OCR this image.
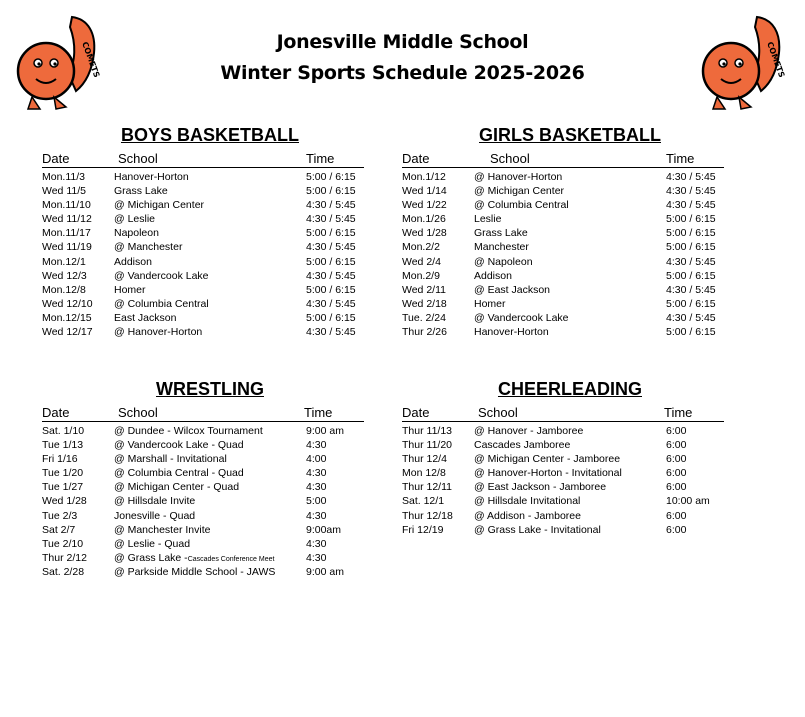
COMETS	COMETS
Jonesville Middle School
Winter Sports Schedule 2025-2026
BOYS BASKETBALL
Date	School	Time
Mon.11/3	Hanover-Horton	5:00 / 6:15
Wed 11/5	Grass Lake	5:00 / 6:15
Mon.11/10 @ Michigan Center	4:30 / 5:45
Wed 11/12 @ Leslie	4:30 / 5:45
Mon.11/17 Napoleon	5:00 / 6:15
Wed 11/19 @ Manchester	4:30 / 5:45
Mon.12/1	Addison	5:00 / 6:15
Wed 12/3	@ Vandercook Lake	4:30 / 5:45
Mon.12/8	Homer	5:00 / 6:15
Wed 12/10 @ Columbia Central	4:30 / 5:45
Mon.12/15 East Jackson	5:00 / 6:15
Wed 12/17 @ Hanover-Horton	4:30 / 5:45
GIRLS BASKETBALL
Date	School	Time
Mon.1/12	@ Hanover-Horton	4:30 / 5:45
Wed 1/14	@ Michigan Center	4:30 / 5:45
Wed 1/22	@ Columbia Central	4:30 / 5:45
Mon.1/26	Leslie	5:00 / 6:15
Wed 1/28	Grass Lake	5:00 / 6:15
Mon.2/2	Manchester	5:00 / 6:15
Wed 2/4	@ Napoleon	4:30 / 5:45
Mon.2/9	Addison	5:00 / 6:15
Wed 2/11	@ East Jackson	4:30 / 5:45
Wed 2/18	Homer	5:00 / 6:15
Tue. 2/24	@ Vandercook Lake	4:30 / 5:45
Thur 2/26	Hanover-Horton	5:00 / 6:15
WRESTLING
Date	School	Time
Sat. 1/10	@ Dundee - Wilcox Tournament	9:00 am
Tue 1/13	@ Vandercook Lake - Quad	4:30
Fri 1/16	@ Marshall - Invitational	4:00
Tue 1/20	@ Columbia Central - Quad	4:30
Tue 1/27	@ Michigan Center - Quad	4:30
Wed 1/28	@ Hillsdale Invite	5:00
Tue 2/3	Jonesville - Quad	4:30
Sat 2/7	@ Manchester Invite	9:00am
Tue 2/10	@ Leslie - Quad	4:30
Thur 2/12	@ Grass Lake -Cascades Conference Meet	4:30
Sat. 2/28	@ Parkside Middle School - JAWS	9:00 am
CHEERLEADING
Date	School	Time
Thur 11/13 @ Hanover - Jamboree	6:00
Thur 11/20 Cascades Jamboree	6:00
Thur 12/4	@ Michigan Center - Jamboree	6:00
Mon 12/8	@ Hanover-Horton - Invitational	6:00
Thur 12/11 @ East Jackson - Jamboree	6:00
Sat. 12/1	@ Hillsdale Invitational	10:00 am
Thur 12/18 @ Addison - Jamboree	6:00
Fri 12/19	@ Grass Lake - Invitational	6:00
